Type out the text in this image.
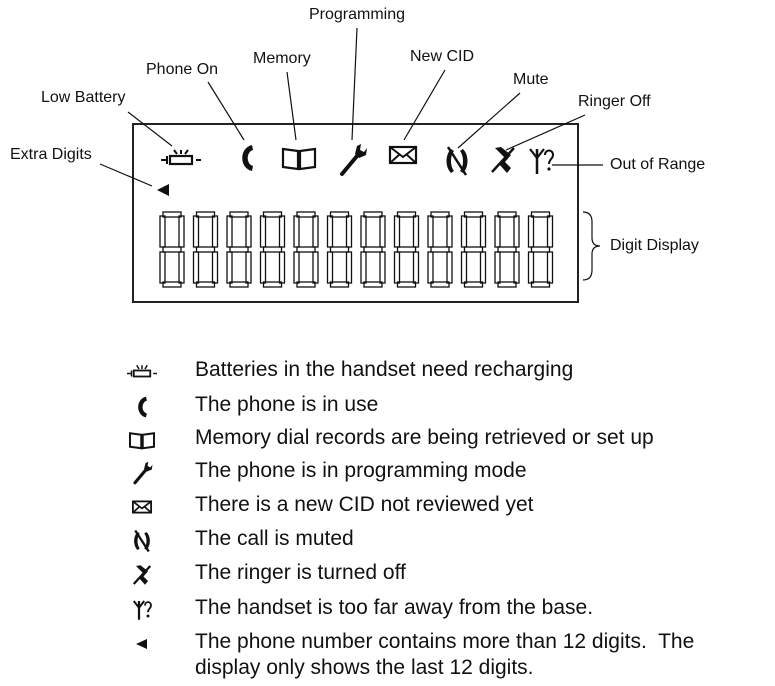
Programming
Phone On
Memory	New CID
Low Battery
Mute
Ringer Off
Extra Digits
Out of Range
Digit Display
Batteries in the handset need recharging
The phone is in use
Memory dial records are being retrieved or set up
The phone is in programming mode
There is a new CID not reviewed yet
The call is muted
The ringer is turned off
The handset is too far away from the base.
The phone number contains more than 12 digits.  The
display only shows the last 12 digits.
